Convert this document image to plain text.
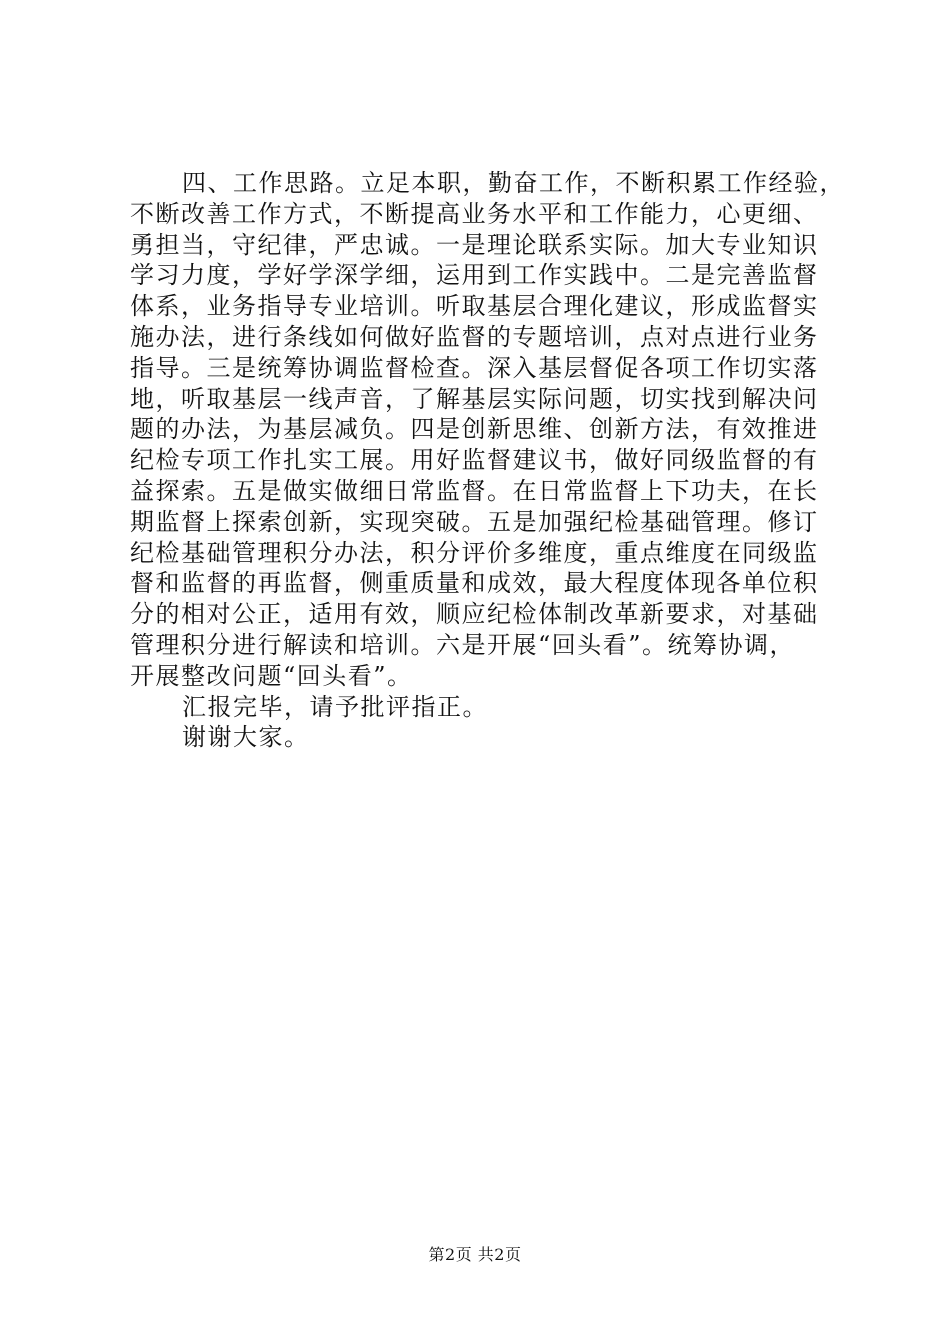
四、工作思路。立足本职，勤奋工作，不断积累工作经验，
不断改善工作方式，不断提高业务水平和工作能力，心更细、
勇担当，守纪律，严忠诚。一是理论联系实际。加大专业知识
学习力度，学好学深学细，运用到工作实践中。二是完善监督
体系，业务指导专业培训。听取基层合理化建议，形成监督实
施办法，进行条线如何做好监督的专题培训，点对点进行业务
指导。三是统筹协调监督检查。深入基层督促各项工作切实落
地，听取基层一线声音，了解基层实际问题，切实找到解决问
题的办法，为基层减负。四是创新思维、创新方法，有效推进
纪检专项工作扎实工展。用好监督建议书，做好同级监督的有
益探索。五是做实做细日常监督。在日常监督上下功夫，在长
期监督上探索创新，实现突破。五是加强纪检基础管理。修订
纪检基础管理积分办法，积分评价多维度，重点维度在同级监
督和监督的再监督，侧重质量和成效，最大程度体现各单位积
分的相对公正，适用有效，顺应纪检体制改革新要求，对基础
管理积分进行解读和培训。六是开展“回头看”。统筹协调，
开展整改问题“回头看”。
汇报完毕，请予批评指正。
谢谢大家。
第2页 共2页
